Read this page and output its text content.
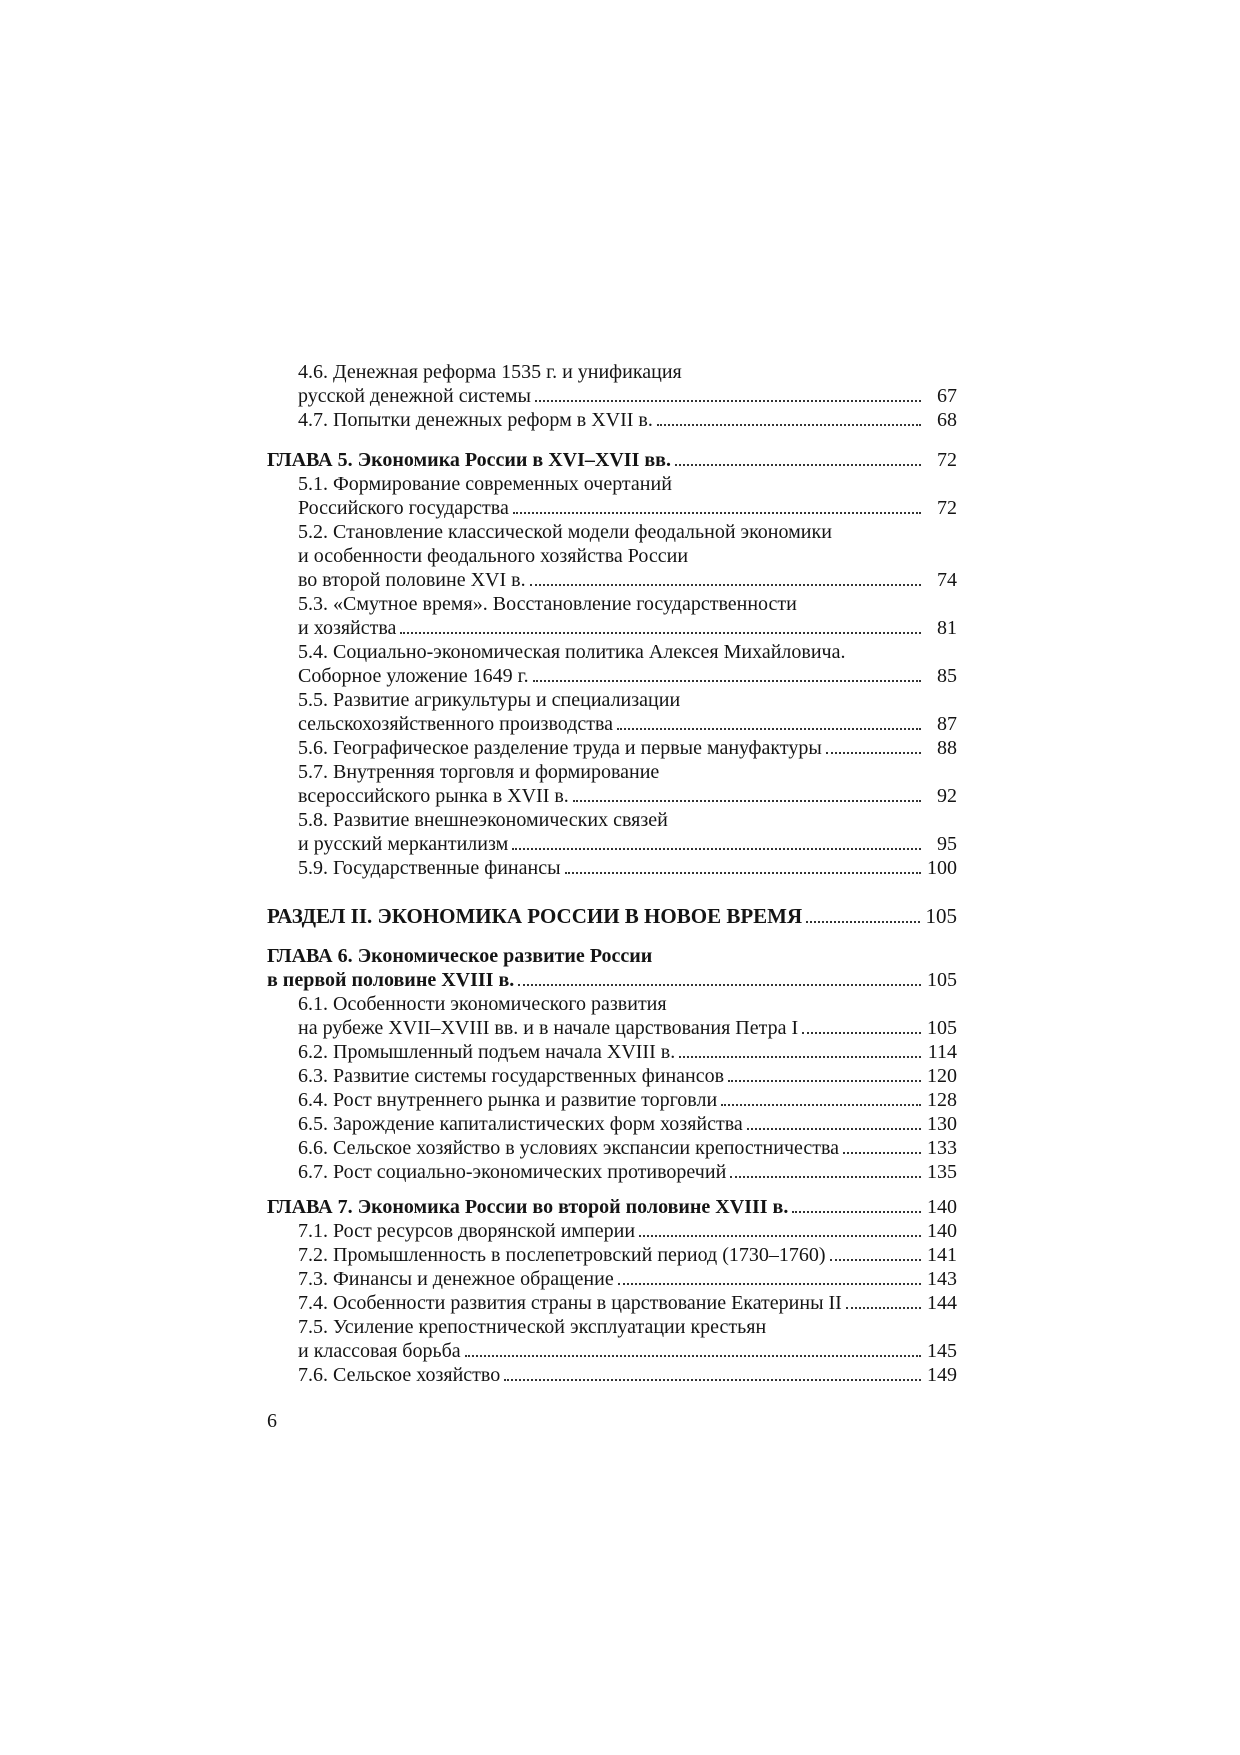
4.6. Денежная реформа 1535 г. и унификация
русской денежной системы	67
4.7. Попытки денежных реформ в XVII в.	68
ГЛАВА 5. Экономика России в XVI–XVII вв.	72
5.1. Формирование современных очертаний
Российского государства	72
5.2. Становление классической модели феодальной экономики
и особенности феодального хозяйства России
во второй половине XVI в.	74
5.3. «Смутное время». Восстановление государственности
и хозяйства	81
5.4. Социально-экономическая политика Алексея Михайловича.
Соборное уложение 1649 г.	85
5.5. Развитие агрикультуры и специализации
сельскохозяйственного производства	87
5.6. Географическое разделение труда и первые мануфактуры	88
5.7. Внутренняя торговля и формирование
всероссийского рынка в XVII в.	92
5.8. Развитие внешнеэкономических связей
и русский меркантилизм	95
5.9. Государственные финансы	100
РАЗДЕЛ II. ЭКОНОМИКА РОССИИ В НОВОЕ ВРЕМЯ	105
ГЛАВА 6. Экономическое развитие России
в первой половине XVIII в.	105
6.1. Особенности экономического развития
на рубеже XVII–XVIII вв. и в начале царствования Петра I	105
6.2. Промышленный подъем начала XVIII в.	114
6.3. Развитие системы государственных финансов	120
6.4. Рост внутреннего рынка и развитие торговли	128
6.5. Зарождение капиталистических форм хозяйства	130
6.6. Сельское хозяйство в условиях экспансии крепостничества	133
6.7. Рост социально-экономических противоречий	135
ГЛАВА 7. Экономика России во второй половине XVIII в.	140
7.1. Рост ресурсов дворянской империи	140
7.2. Промышленность в послепетровский период (1730–1760)	141
7.3. Финансы и денежное обращение	143
7.4. Особенности развития страны в царствование Екатерины II	144
7.5. Усиление крепостнической эксплуатации крестьян
и классовая борьба	145
7.6. Сельское хозяйство	149
6
